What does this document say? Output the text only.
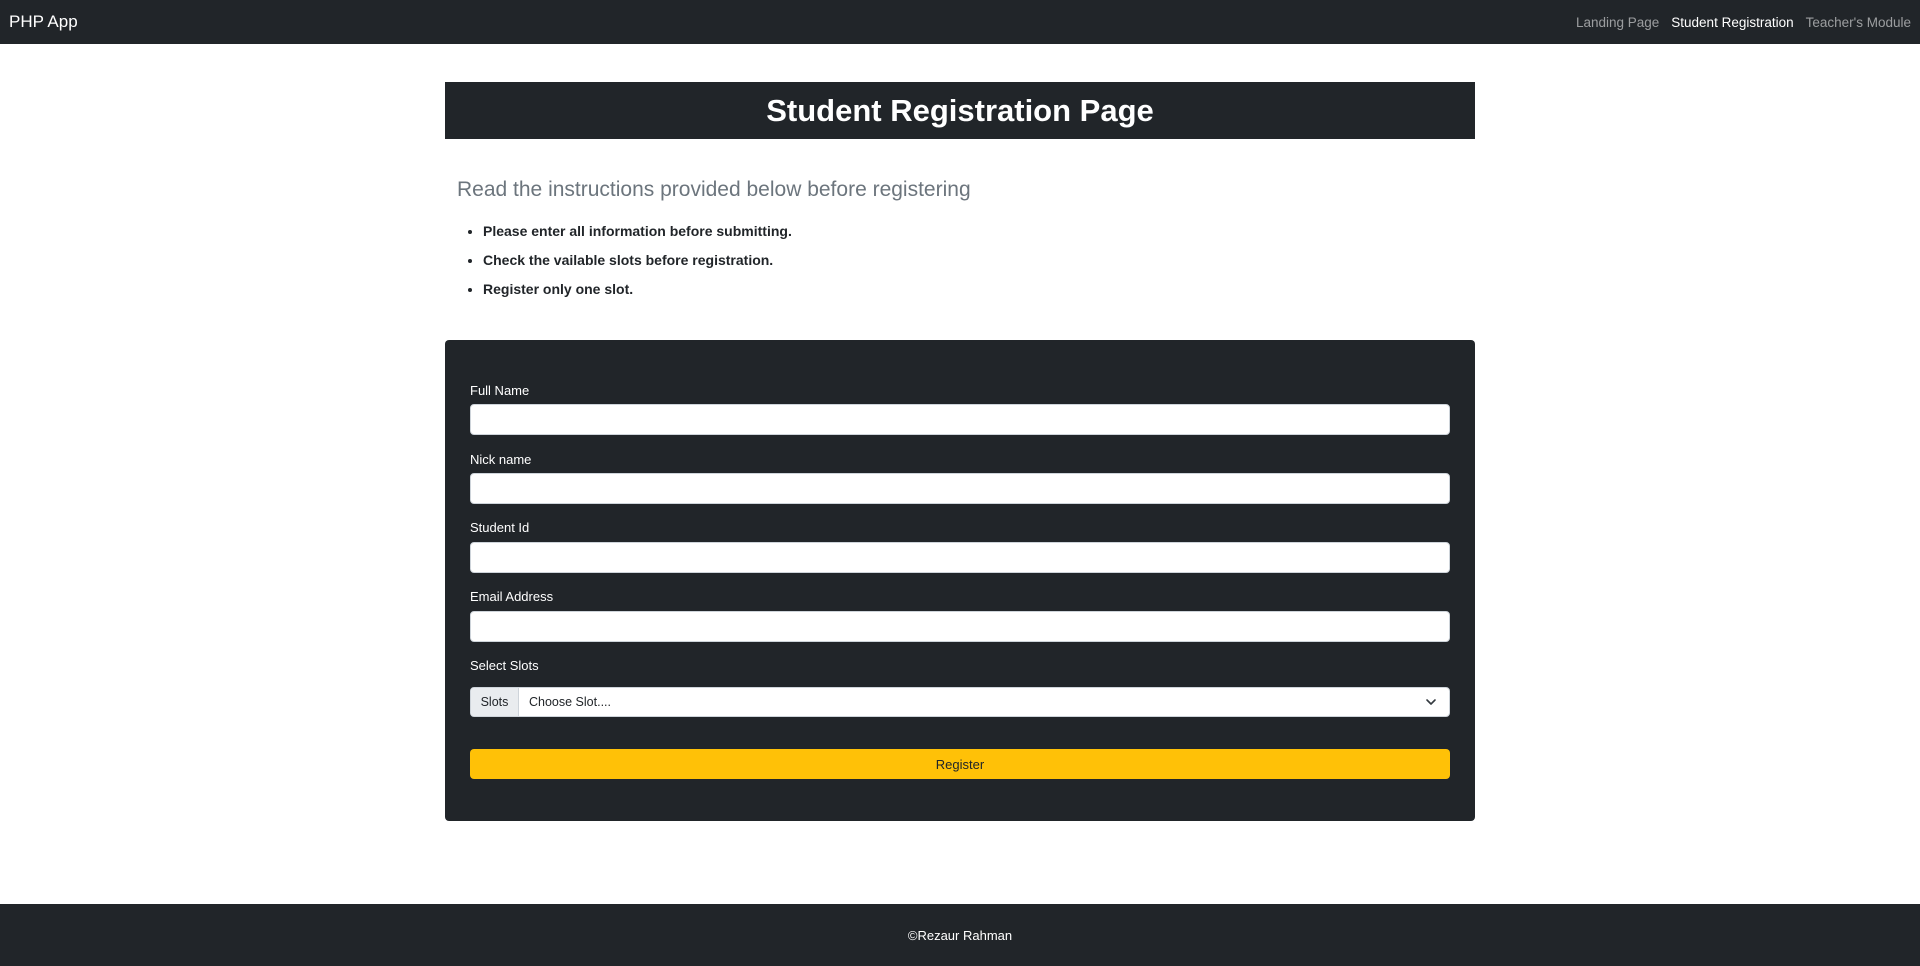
PHP App	Landing Page Student Registration Teacher's Module
Student Registration Page
Read the instructions provided below before registering
• Please enter all information before submitting.
• Check the vailable slots before registration.
• Register only one slot.
Full Name
Nick name
Student Id
Email Address
Select Slots
Slots	Choose Slot....
Register
©Rezaur Rahman
